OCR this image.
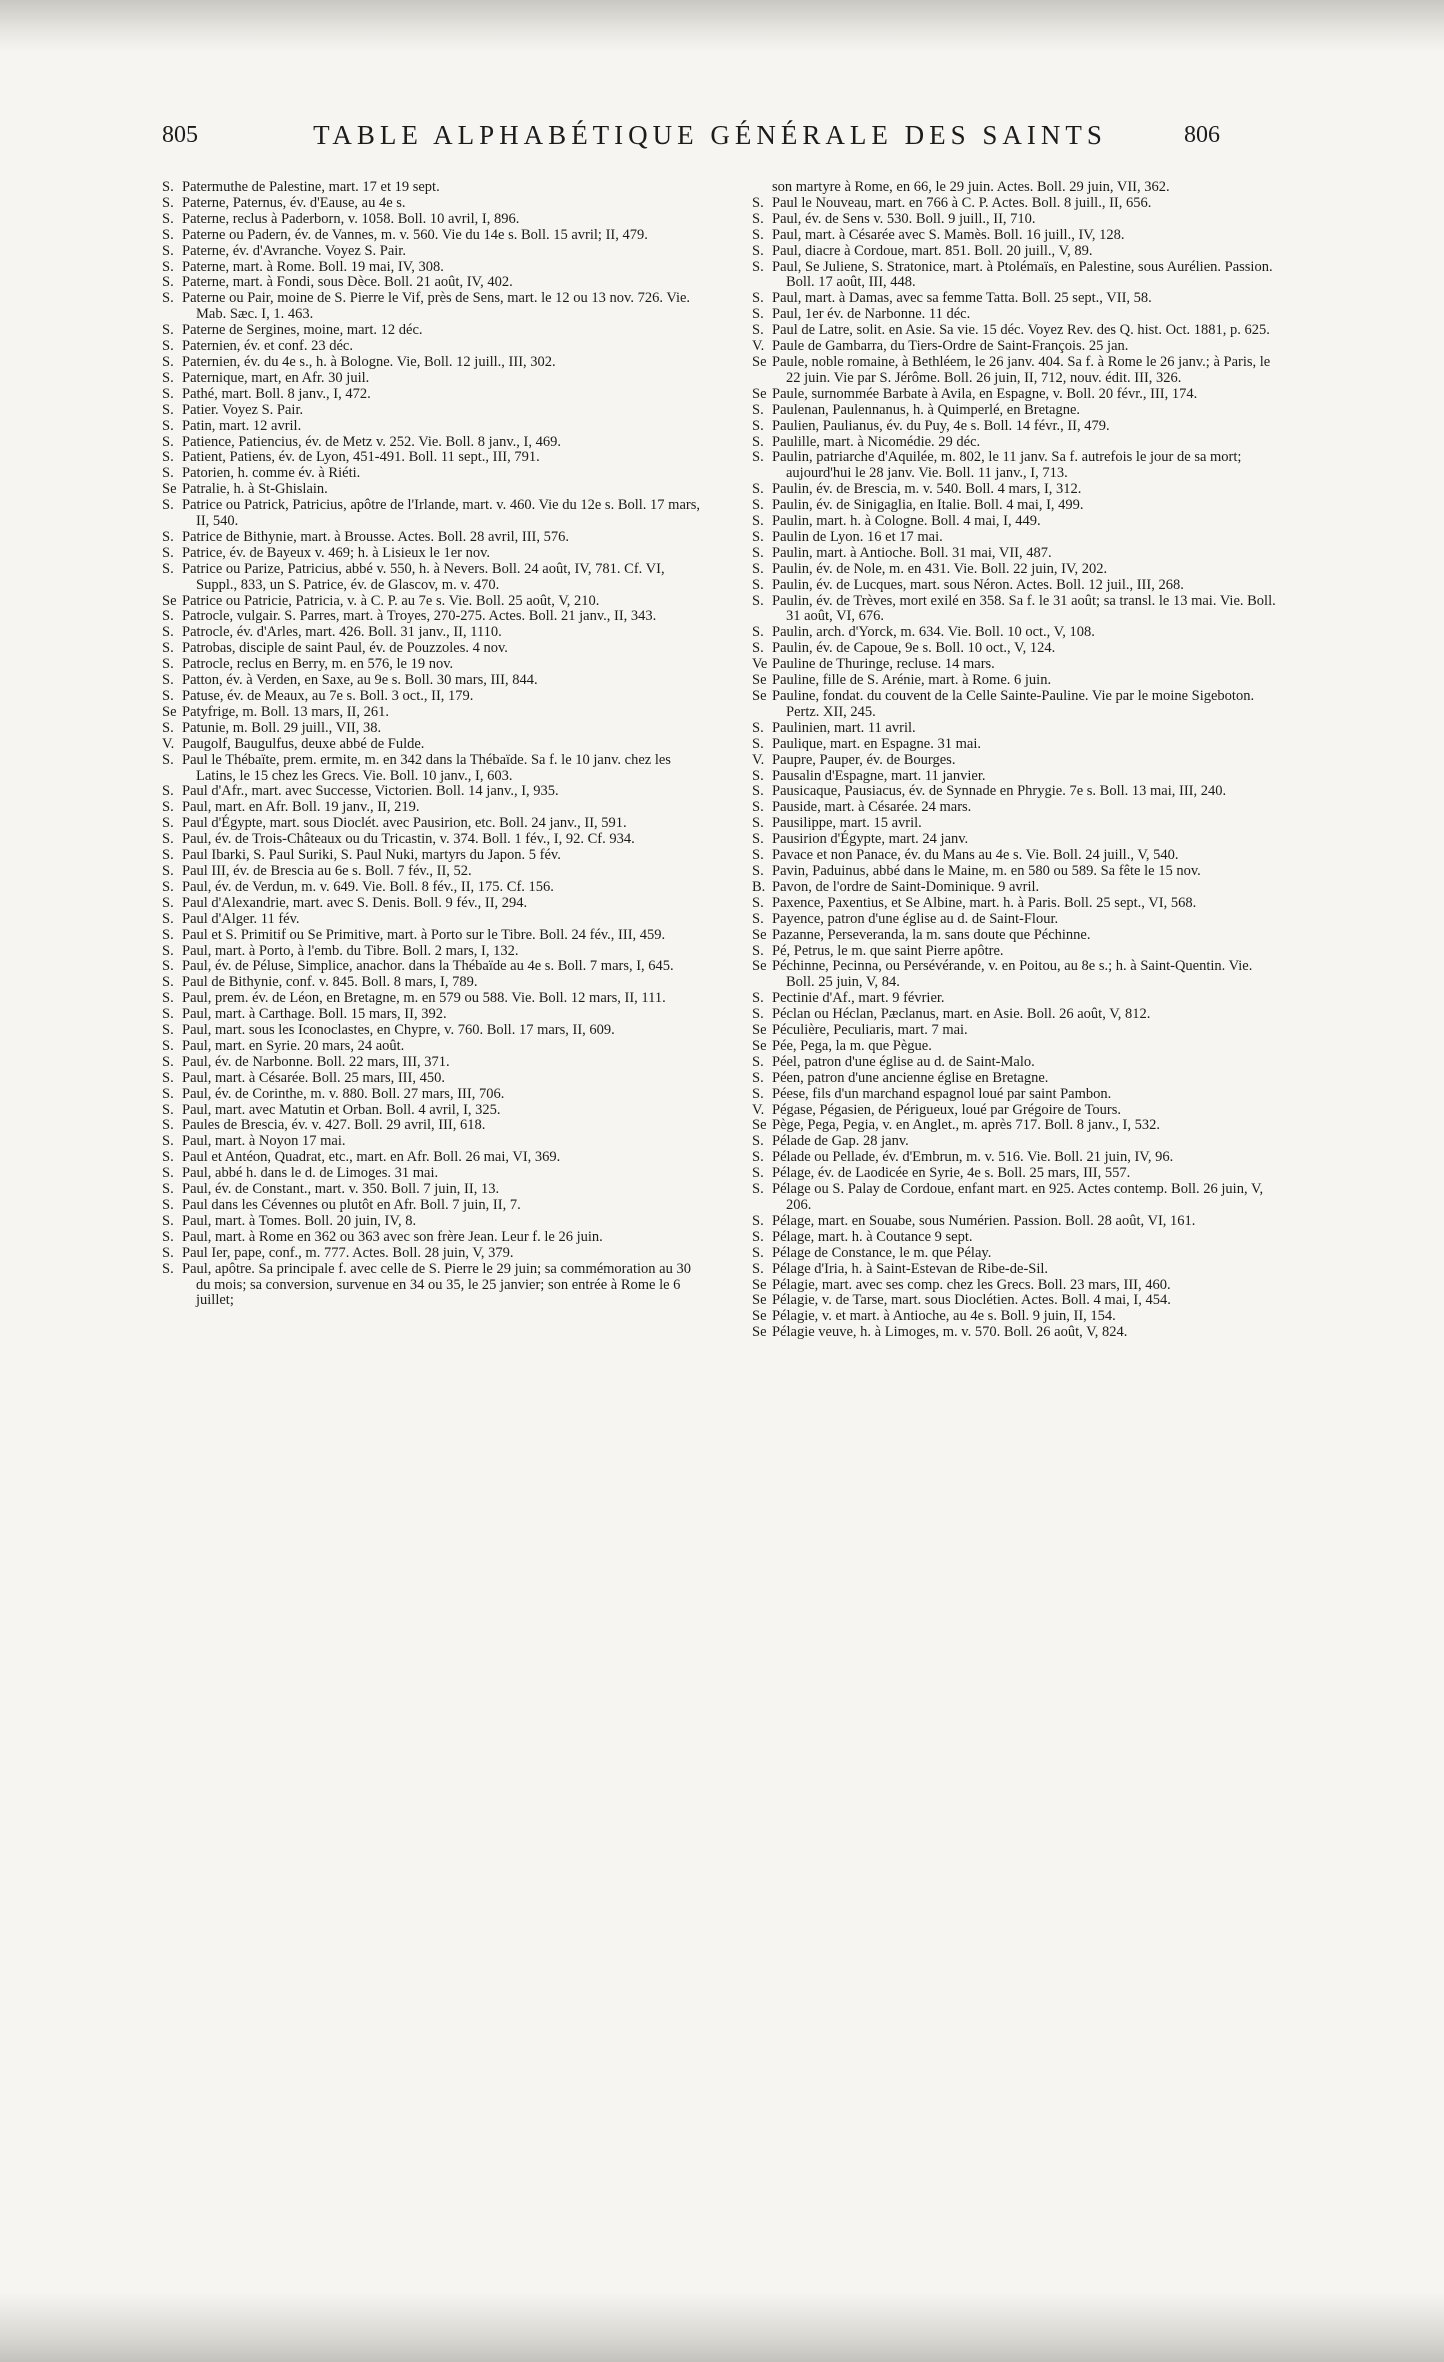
805	TABLE ALPHABÉTIQUE GÉNÉRALE DES SAINTS	806
S. Patermuthe de Palestine, mart. 17 et 19 sept.
S. Paterne, Paternus, év. d'Eause, au 4e s.
S. Paterne, reclus à Paderborn, v. 1058. Boll. 10 avril, I, 896.
S. Paterne ou Padern, év. de Vannes, m. v. 560. Vie du 14e s. Boll. 15 avril; II, 479.
S. Paterne, év. d'Avranche. Voyez S. Pair.
S. Paterne, mart. à Rome. Boll. 19 mai, IV, 308.
S. Paterne, mart. à Fondi, sous Dèce. Boll. 21 août, IV, 402.
S. Paterne ou Pair, moine de S. Pierre le Vif, près de Sens, mart. le 12 ou 13 nov. 726. Vie. Mab. Sæc. I, 1. 463.
S. Paterne de Sergines, moine, mart. 12 déc.
S. Paternien, év. et conf. 23 déc.
S. Paternien, év. du 4e s., h. à Bologne. Vie, Boll. 12 juill., III, 302.
S. Paternique, mart, en Afr. 30 juil.
S. Pathé, mart. Boll. 8 janv., I, 472.
S. Patier. Voyez S. Pair.
S. Patin, mart. 12 avril.
S. Patience, Patiencius, év. de Metz v. 252. Vie. Boll. 8 janv., I, 469.
S. Patient, Patiens, év. de Lyon, 451-491. Boll. 11 sept., III, 791.
S. Patorien, h. comme év. à Riéti.
Se Patralie, h. à St-Ghislain.
S. Patrice ou Patrick, Patricius, apôtre de l'Irlande, mart. v. 460. Vie du 12e s. Boll. 17 mars, II, 540.
S. Patrice de Bithynie, mart. à Brousse. Actes. Boll. 28 avril, III, 576.
S. Patrice, év. de Bayeux v. 469; h. à Lisieux le 1er nov.
S. Patrice ou Parize, Patricius, abbé v. 550, h. à Nevers. Boll. 24 août, IV, 781. Cf. VI, Suppl., 833, un S. Patrice, év. de Glascov, m. v. 470.
Se Patrice ou Patricie, Patricia, v. à C. P. au 7e s. Vie. Boll. 25 août, V, 210.
S. Patrocle, vulgair. S. Parres, mart. à Troyes, 270-275. Actes. Boll. 21 janv., II, 343.
S. Patrocle, év. d'Arles, mart. 426. Boll. 31 janv., II, 1110.
S. Patrobas, disciple de saint Paul, év. de Pouzzoles. 4 nov.
S. Patrocle, reclus en Berry, m. en 576, le 19 nov.
S. Patton, év. à Verden, en Saxe, au 9e s. Boll. 30 mars, III, 844.
S. Patuse, év. de Meaux, au 7e s. Boll. 3 oct., II, 179.
Se Patyfrige, m. Boll. 13 mars, II, 261.
S. Patunie, m. Boll. 29 juill., VII, 38.
V. Paugolf, Baugulfus, deuxe abbé de Fulde.
S. Paul le Thébaïte, prem. ermite, m. en 342 dans la Thébaïde. Sa f. le 10 janv. chez les Latins, le 15 chez les Grecs. Vie. Boll. 10 janv., I, 603.
S. Paul d'Afr., mart. avec Successe, Victorien. Boll. 14 janv., I, 935.
S. Paul, mart. en Afr. Boll. 19 janv., II, 219.
S. Paul d'Égypte, mart. sous Dioclét. avec Pausirion, etc. Boll. 24 janv., II, 591.
S. Paul, év. de Trois-Châteaux ou du Tricastin, v. 374. Boll. 1 fév., I, 92. Cf. 934.
S. Paul Ibarki, S. Paul Suriki, S. Paul Nuki, martyrs du Japon. 5 fév.
S. Paul III, év. de Brescia au 6e s. Boll. 7 fév., II, 52.
S. Paul, év. de Verdun, m. v. 649. Vie. Boll. 8 fév., II, 175. Cf. 156.
S. Paul d'Alexandrie, mart. avec S. Denis. Boll. 9 fév., II, 294.
S. Paul d'Alger. 11 fév.
S. Paul et S. Primitif ou Se Primitive, mart. à Porto sur le Tibre. Boll. 24 fév., III, 459.
S. Paul, mart. à Porto, à l'emb. du Tibre. Boll. 2 mars, I, 132.
S. Paul, év. de Péluse, Simplice, anachor. dans la Thébaïde au 4e s. Boll. 7 mars, I, 645.
S. Paul de Bithynie, conf. v. 845. Boll. 8 mars, I, 789.
S. Paul, prem. év. de Léon, en Bretagne, m. en 579 ou 588. Vie. Boll. 12 mars, II, 111.
S. Paul, mart. à Carthage. Boll. 15 mars, II, 392.
S. Paul, mart. sous les Iconoclastes, en Chypre, v. 760. Boll. 17 mars, II, 609.
S. Paul, mart. en Syrie. 20 mars, 24 août.
S. Paul, év. de Narbonne. Boll. 22 mars, III, 371.
S. Paul, mart. à Césarée. Boll. 25 mars, III, 450.
S. Paul, év. de Corinthe, m. v. 880. Boll. 27 mars, III, 706.
S. Paul, mart. avec Matutin et Orban. Boll. 4 avril, I, 325.
S. Paules de Brescia, év. v. 427. Boll. 29 avril, III, 618.
S. Paul, mart. à Noyon 17 mai.
S. Paul et Antéon, Quadrat, etc., mart. en Afr. Boll. 26 mai, VI, 369.
S. Paul, abbé h. dans le d. de Limoges. 31 mai.
S. Paul, év. de Constant., mart. v. 350. Boll. 7 juin, II, 13.
S. Paul dans les Cévennes ou plutôt en Afr. Boll. 7 juin, II, 7.
S. Paul, mart. à Tomes. Boll. 20 juin, IV, 8.
S. Paul, mart. à Rome en 362 ou 363 avec son frère Jean. Leur f. le 26 juin.
S. Paul Ier, pape, conf., m. 777. Actes. Boll. 28 juin, V, 379.
S. Paul, apôtre. Sa principale f. avec celle de S. Pierre le 29 juin; sa commémoration au 30 du mois; sa conversion, survenue en 34 ou 35, le 25 janvier; son entrée à Rome le 6 juillet;
son martyre à Rome, en 66, le 29 juin. Actes. Boll. 29 juin, VII, 362.
S. Paul le Nouveau, mart. en 766 à C. P. Actes. Boll. 8 juill., II, 656.
S. Paul, év. de Sens v. 530. Boll. 9 juill., II, 710.
S. Paul, mart. à Césarée avec S. Mamès. Boll. 16 juill., IV, 128.
S. Paul, diacre à Cordoue, mart. 851. Boll. 20 juill., V, 89.
S. Paul, Se Juliene, S. Stratonice, mart. à Ptolémaïs, en Palestine, sous Aurélien. Passion. Boll. 17 août, III, 448.
S. Paul, mart. à Damas, avec sa femme Tatta. Boll. 25 sept., VII, 58.
S. Paul, 1er év. de Narbonne. 11 déc.
S. Paul de Latre, solit. en Asie. Sa vie. 15 déc. Voyez Rev. des Q. hist. Oct. 1881, p. 625.
V. Paule de Gambarra, du Tiers-Ordre de Saint-François. 25 jan.
Se Paule, noble romaine, à Bethléem, le 26 janv. 404. Sa f. à Rome le 26 janv.; à Paris, le 22 juin. Vie par S. Jérôme. Boll. 26 juin, II, 712, nouv. édit. III, 326.
Se Paule, surnommée Barbate à Avila, en Espagne, v. Boll. 20 févr., III, 174.
S. Paulenan, Paulennanus, h. à Quimperlé, en Bretagne.
S. Paulien, Paulianus, év. du Puy, 4e s. Boll. 14 févr., II, 479.
S. Paulille, mart. à Nicomédie. 29 déc.
S. Paulin, patriarche d'Aquilée, m. 802, le 11 janv. Sa f. autrefois le jour de sa mort; aujourd'hui le 28 janv. Vie. Boll. 11 janv., I, 713.
S. Paulin, év. de Brescia, m. v. 540. Boll. 4 mars, I, 312.
S. Paulin, év. de Sinigaglia, en Italie. Boll. 4 mai, I, 499.
S. Paulin, mart. h. à Cologne. Boll. 4 mai, I, 449.
S. Paulin de Lyon. 16 et 17 mai.
S. Paulin, mart. à Antioche. Boll. 31 mai, VII, 487.
S. Paulin, év. de Nole, m. en 431. Vie. Boll. 22 juin, IV, 202.
S. Paulin, év. de Lucques, mart. sous Néron. Actes. Boll. 12 juil., III, 268.
S. Paulin, év. de Trèves, mort exilé en 358. Sa f. le 31 août; sa transl. le 13 mai. Vie. Boll. 31 août, VI, 676.
S. Paulin, arch. d'Yorck, m. 634. Vie. Boll. 10 oct., V, 108.
S. Paulin, év. de Capoue, 9e s. Boll. 10 oct., V, 124.
Ve Pauline de Thuringe, recluse. 14 mars.
Se Pauline, fille de S. Arénie, mart. à Rome. 6 juin.
Se Pauline, fondat. du couvent de la Celle Sainte-Pauline. Vie par le moine Sigeboton. Pertz. XII, 245.
S. Paulinien, mart. 11 avril.
S. Paulique, mart. en Espagne. 31 mai.
V. Paupre, Pauper, év. de Bourges.
S. Pausalin d'Espagne, mart. 11 janvier.
S. Pausicaque, Pausiacus, év. de Synnade en Phrygie. 7e s. Boll. 13 mai, III, 240.
S. Pauside, mart. à Césarée. 24 mars.
S. Pausilippe, mart. 15 avril.
S. Pausirion d'Égypte, mart. 24 janv.
S. Pavace et non Panace, év. du Mans au 4e s. Vie. Boll. 24 juill., V, 540.
S. Pavin, Paduinus, abbé dans le Maine, m. en 580 ou 589. Sa fête le 15 nov.
B. Pavon, de l'ordre de Saint-Dominique. 9 avril.
S. Paxence, Paxentius, et Se Albine, mart. h. à Paris. Boll. 25 sept., VI, 568.
S. Payence, patron d'une église au d. de Saint-Flour.
Se Pazanne, Perseveranda, la m. sans doute que Péchinne.
S. Pé, Petrus, le m. que saint Pierre apôtre.
Se Péchinne, Pecinna, ou Persévérande, v. en Poitou, au 8e s.; h. à Saint-Quentin. Vie. Boll. 25 juin, V, 84.
S. Pectinie d'Af., mart. 9 février.
S. Péclan ou Héclan, Pæclanus, mart. en Asie. Boll. 26 août, V, 812.
Se Péculière, Peculiaris, mart. 7 mai.
Se Pée, Pega, la m. que Pègue.
S. Péel, patron d'une église au d. de Saint-Malo.
S. Péen, patron d'une ancienne église en Bretagne.
S. Péese, fils d'un marchand espagnol loué par saint Pambon.
V. Pégase, Pégasien, de Périgueux, loué par Grégoire de Tours.
Se Pège, Pega, Pegia, v. en Anglet., m. après 717. Boll. 8 janv., I, 532.
S. Pélade de Gap. 28 janv.
S. Pélade ou Pellade, év. d'Embrun, m. v. 516. Vie. Boll. 21 juin, IV, 96.
S. Pélage, év. de Laodicée en Syrie, 4e s. Boll. 25 mars, III, 557.
S. Pélage ou S. Palay de Cordoue, enfant mart. en 925. Actes contemp. Boll. 26 juin, V, 206.
S. Pélage, mart. en Souabe, sous Numérien. Passion. Boll. 28 août, VI, 161.
S. Pélage, mart. h. à Coutance 9 sept.
S. Pélage de Constance, le m. que Pélay.
S. Pélage d'Iria, h. à Saint-Estevan de Ribe-de-Sil.
Se Pélagie, mart. avec ses comp. chez les Grecs. Boll. 23 mars, III, 460.
Se Pélagie, v. de Tarse, mart. sous Dioclétien. Actes. Boll. 4 mai, I, 454.
Se Pélagie, v. et mart. à Antioche, au 4e s. Boll. 9 juin, II, 154.
Se Pélagie veuve, h. à Limoges, m. v. 570. Boll. 26 août, V, 824.
